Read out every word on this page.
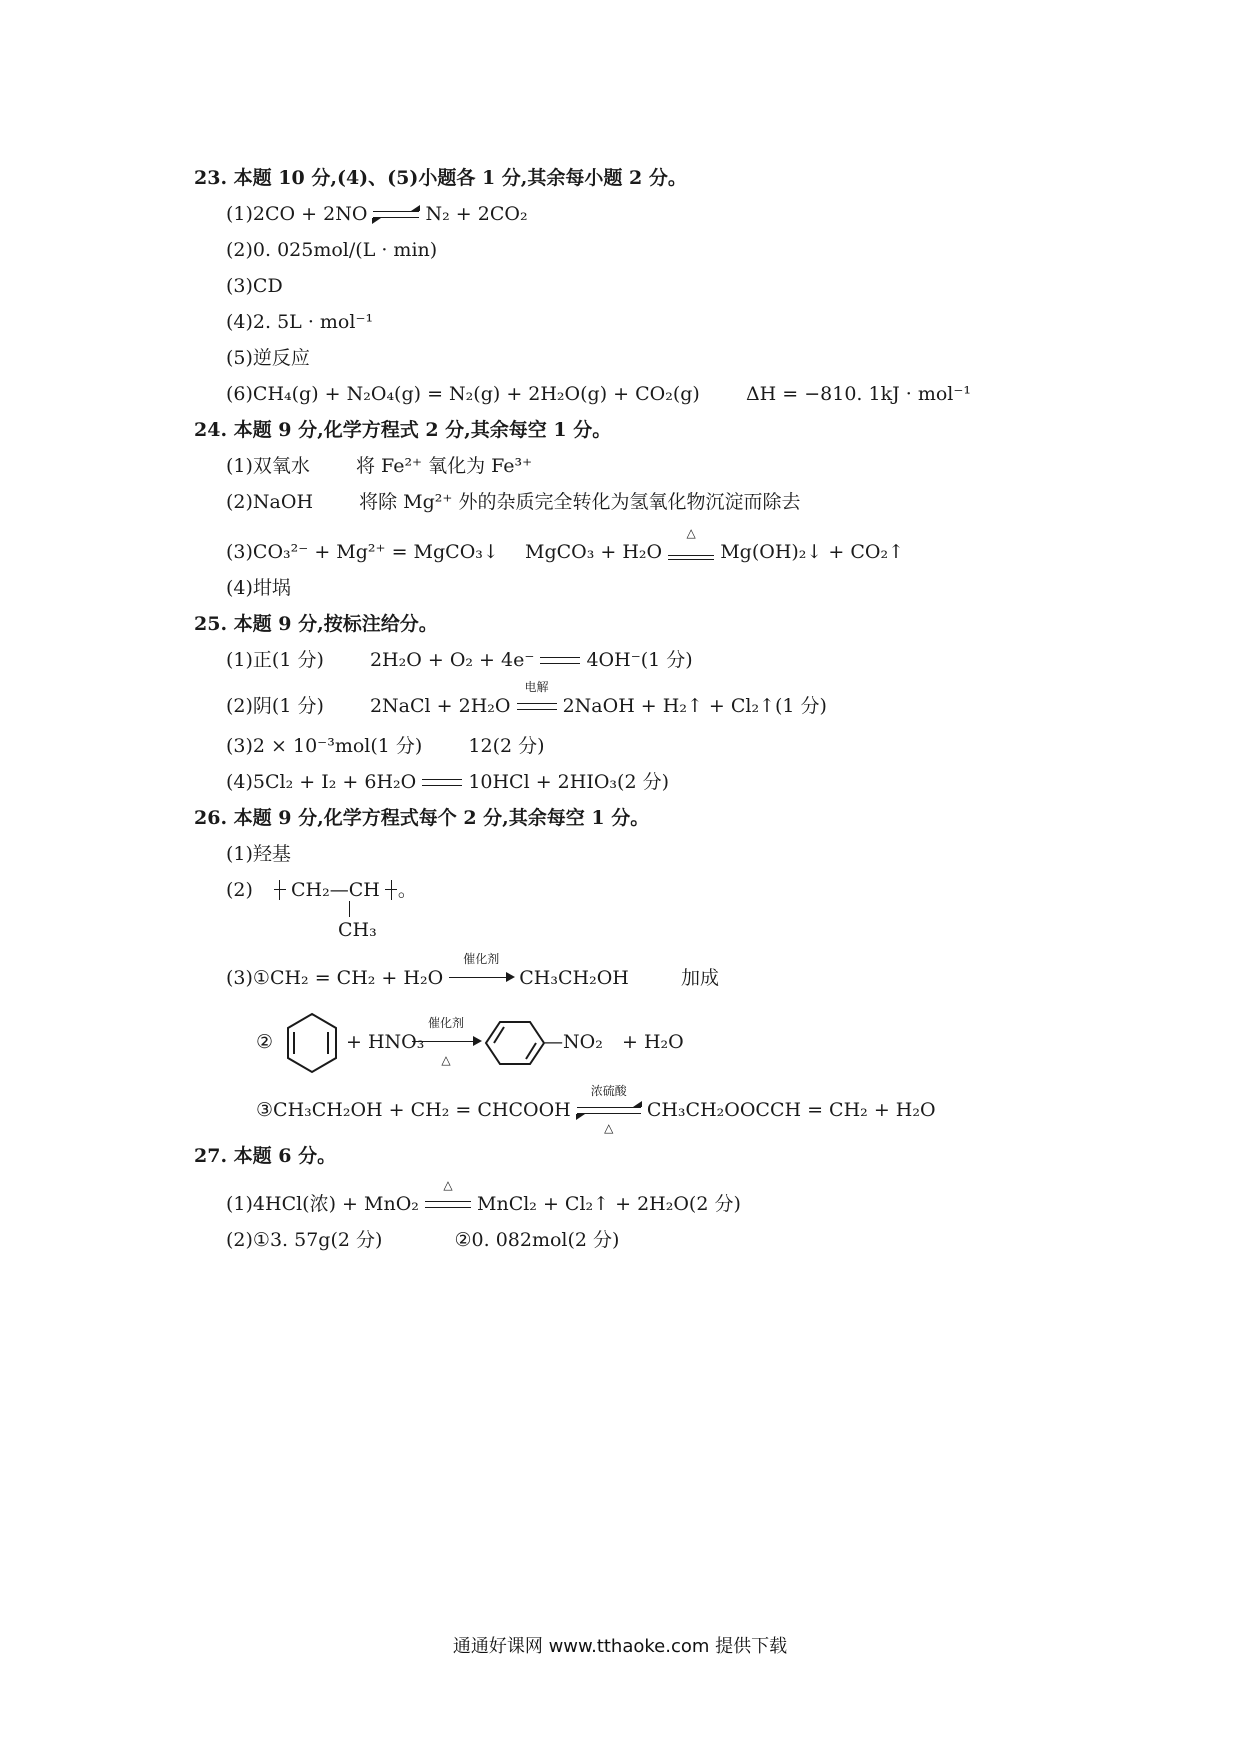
23. 本题 10 分,(4)、(5)小题各 1 分,其余每小题 2 分。
(1)2CO + 2NO	N₂ + 2CO₂
(2)0. 025mol/(L · min)
(3)CD
(4)2. 5L · mol⁻¹
(5)逆反应
(6)CH₄(g) + N₂O₄(g) = N₂(g) + 2H₂O(g) + CO₂(g) ΔH = −810. 1kJ · mol⁻¹
24. 本题 9 分,化学方程式 2 分,其余每空 1 分。
(1)双氧水 将 Fe²⁺ 氧化为 Fe³⁺
(2)NaOH 将除 Mg²⁺ 外的杂质完全转化为氢氧化物沉淀而除去
(3)CO₃²⁻ + Mg²⁺ = MgCO₃↓ MgCO₃ + H₂O
△
Mg(OH)₂↓ + CO₂↑
(4)坩埚
25. 本题 9 分,按标注给分。
(1)正(1 分) 2H₂O + O₂ + 4e⁻	4OH⁻(1 分)
(2)阴(1 分) 2NaCl + 2H₂O
电解
2NaOH + H₂↑ + Cl₂↑(1 分)
(3)2 × 10⁻³mol(1 分) 12(2 分)
(4)5Cl₂ + I₂ + 6H₂O	10HCl + 2HIO₃(2 分)
26. 本题 9 分,化学方程式每个 2 分,其余每空 1 分。
(1)羟基
(2) CH₂—CH 。
CH₃
(3)①CH₂ = CH₂ + H₂O
催化剂
CH₃CH₂OH	加成
②	+ HNO₃
催化剂
△
—NO₂ + H₂O
③CH₃CH₂OH + CH₂ = CHCOOH
浓硫酸
△
CH₃CH₂OOCCH = CH₂ + H₂O
27. 本题 6 分。
(1)4HCl(浓) + MnO₂
△
MnCl₂ + Cl₂↑ + 2H₂O(2 分)
(2)①3. 57g(2 分)	②0. 082mol(2 分)
通通好课网 www.tthaoke.com 提供下载
